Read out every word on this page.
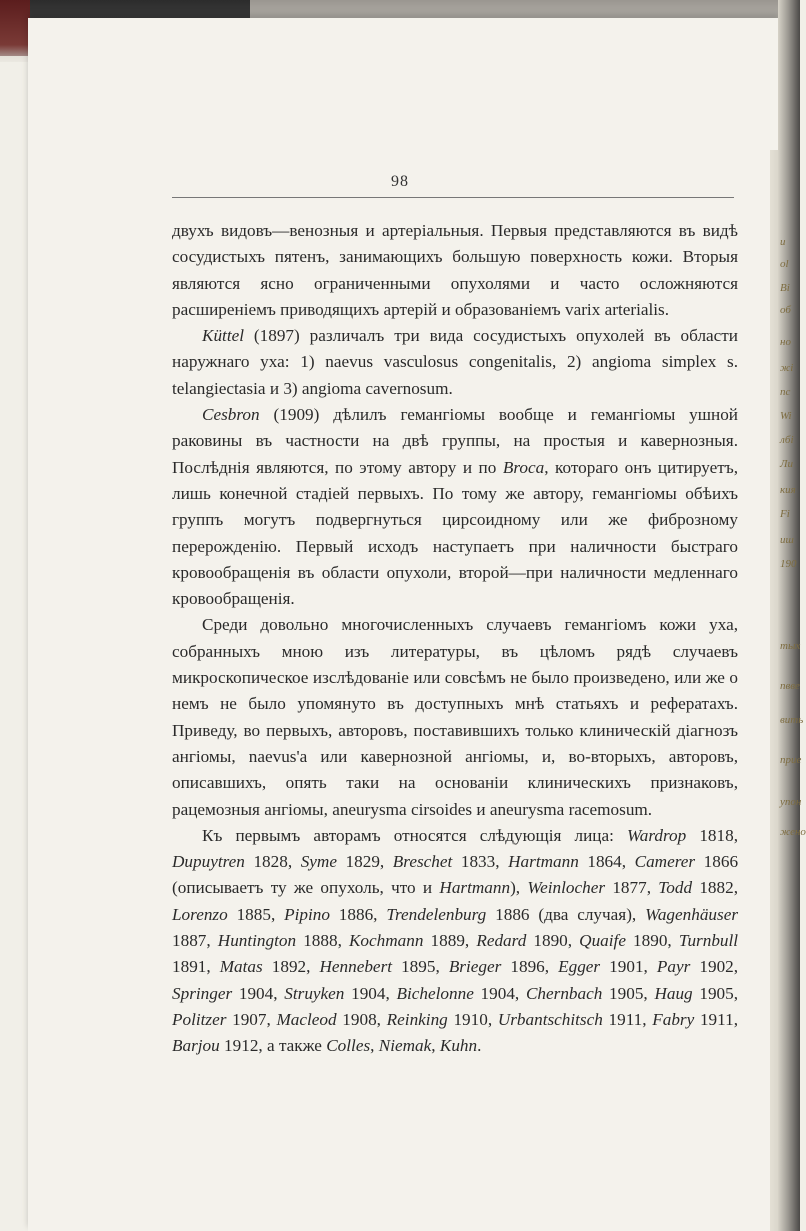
и
ol
Bi
об
но
жі
пс
Wi
лбі
Ли
кия
Fi
иш
190
тых
пвве
вить
прие
упон
жено
98

двухъ видовъ—венозныя и артеріальныя. Первыя представляются въ видѣ сосудистыхъ пятенъ, занимающихъ большую поверхность кожи. Вторыя являются ясно ограниченными опухолями и часто осложняются расширеніемъ приводящихъ артерій и образованіемъ varix arterialis.

Küttel (1897) различалъ три вида сосудистыхъ опухолей въ области наружнаго уха: 1) naevus vasculosus congenitalis, 2) angioma simplex s. telangiectasia и 3) angioma cavernosum.

Cesbron (1909) дѣлилъ гемангіомы вообще и гемангіомы ушной раковины въ частности на двѣ группы, на простыя и кавернозныя. Послѣднія являются, по этому автору и по Broca, котораго онъ цитируетъ, лишь конечной стадіей первыхъ. По тому же автору, гемангіомы обѣихъ группъ могутъ подвергнуться цирсоидному или же фиброзному перерожденію. Первый исходъ наступаетъ при наличности быстраго кровообращенія въ области опухоли, второй—при наличности медленнаго кровообращенія.

Среди довольно многочисленныхъ случаевъ гемангіомъ кожи уха, собранныхъ мною изъ литературы, въ цѣломъ рядѣ случаевъ микроскопическое изслѣдованіе или совсѣмъ не было произведено, или же о немъ не было упомянуто въ доступныхъ мнѣ статьяхъ и рефератахъ. Приведу, во первыхъ, авторовъ, поставившихъ только клиническій діагнозъ ангіомы, naevus'а или кавернозной ангіомы, и, во-вторыхъ, авторовъ, описавшихъ, опять таки на основаніи клиническихъ признаковъ, рацемозныя ангіомы, aneurysma cirsoides и aneurysma racemosum.

Къ первымъ авторамъ относятся слѣдующія лица: Wardrop 1818, Dupuytren 1828, Syme 1829, Breschet 1833, Hartmann 1864, Camerer 1866 (описываетъ ту же опухоль, что и Hartmann), Weinlocher 1877, Todd 1882, Lorenzo 1885, Pipino 1886, Trendelenburg 1886 (два случая), Wagenhäuser 1887, Huntington 1888, Kochmann 1889, Redard 1890, Quaife 1890, Turnbull 1891, Matas 1892, Hennebert 1895, Brieger 1896, Egger 1901, Payr 1902, Springer 1904, Struyken 1904, Bichelonne 1904, Chernbach 1905, Haug 1905, Politzer 1907, Macleod 1908, Reinking 1910, Urbantschitsch 1911, Fabry 1911, Barjou 1912, а также Colles, Niemak, Kuhn.
